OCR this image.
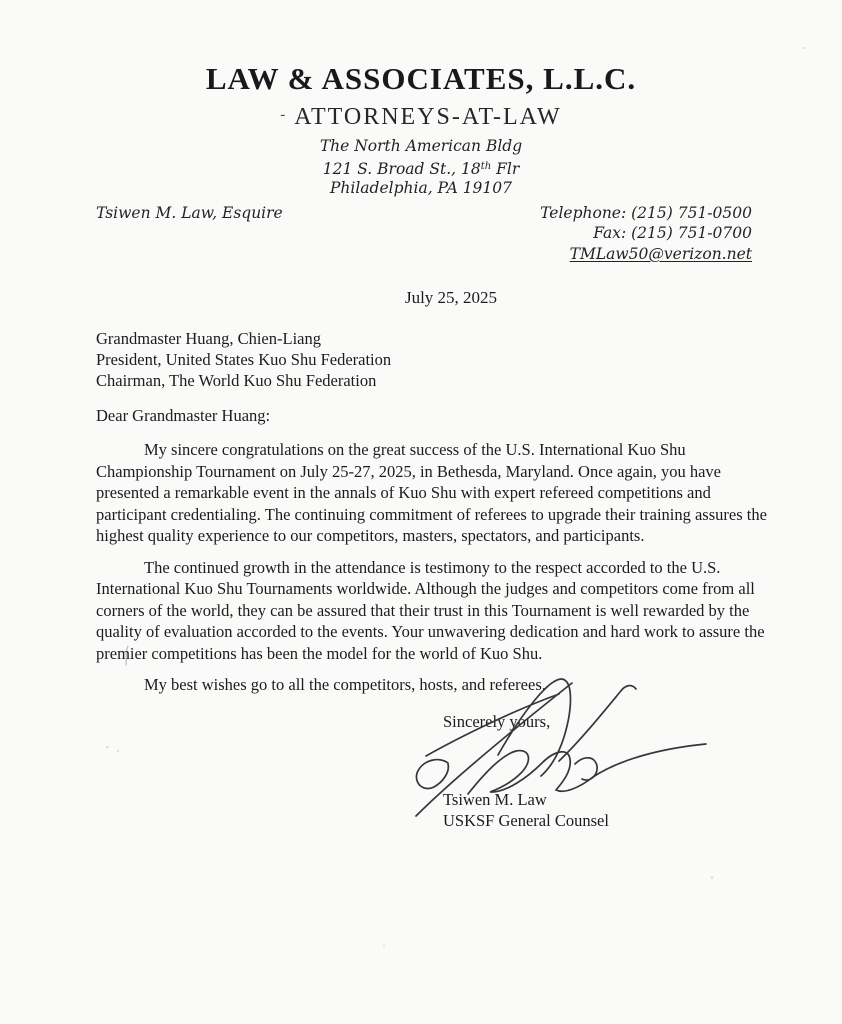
LAW & ASSOCIATES, L.L.C.
- ATTORNEYS-AT-LAW
The North American Bldg
121 S. Broad St., 18th Flr
Philadelphia, PA 19107
Tsiwen M. Law, Esquire	Telephone: (215) 751-0500
Fax: (215) 751-0700
TMLaw50@verizon.net
July 25, 2025
Grandmaster Huang, Chien-Liang
President, United States Kuo Shu Federation
Chairman, The World Kuo Shu Federation
Dear Grandmaster Huang:

My sincere congratulations on the great success of the U.S. International Kuo Shu Championship Tournament on July 25-27, 2025, in Bethesda, Maryland. Once again, you have presented a remarkable event in the annals of Kuo Shu with expert refereed competitions and participant credentialing. The continuing commitment of referees to upgrade their training assures the highest quality experience to our competitors, masters, spectators, and participants.

The continued growth in the attendance is testimony to the respect accorded to the U.S. International Kuo Shu Tournaments worldwide. Although the judges and competitors come from all corners of the world, they can be assured that their trust in this Tournament is well rewarded by the quality of evaluation accorded to the events. Your unwavering dedication and hard work to assure the premier competitions has been the model for the world of Kuo Shu.

My best wishes go to all the competitors, hosts, and referees.

Sincerely yours,
Tsiwen M. Law
USKSF General Counsel
